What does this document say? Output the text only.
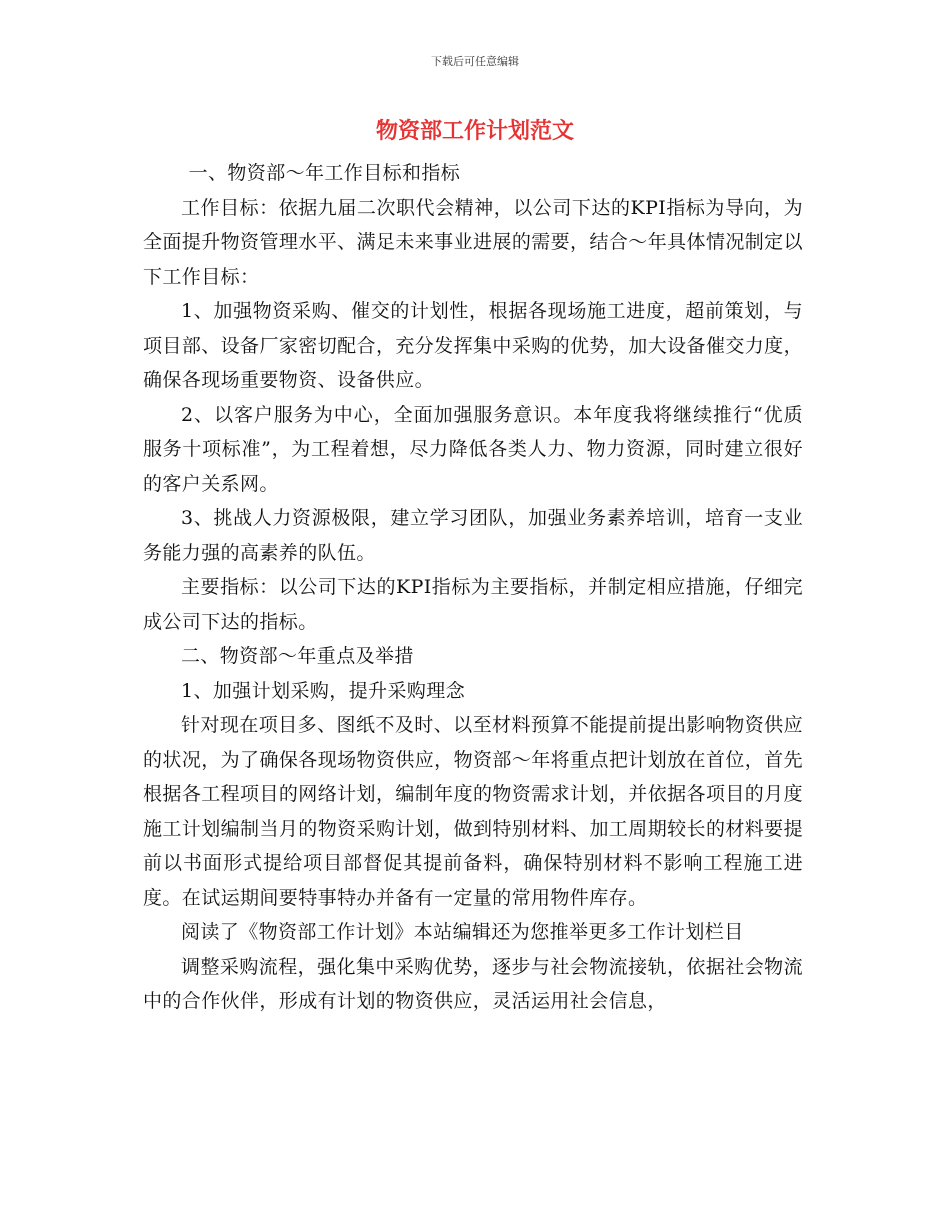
下载后可任意编辑
物资部工作计划范文

一、物资部～年工作目标和指标

工作目标：依据九届二次职代会精神，以公司下达的KPI指标为导向，为全面提升物资管理水平、满足未来事业进展的需要，结合～年具体情况制定以下工作目标：

1、加强物资采购、催交的计划性，根据各现场施工进度，超前策划，与项目部、设备厂家密切配合，充分发挥集中采购的优势，加大设备催交力度，确保各现场重要物资、设备供应。

2、以客户服务为中心，全面加强服务意识。本年度我将继续推行“优质服务十项标准”，为工程着想，尽力降低各类人力、物力资源，同时建立很好的客户关系网。

3、挑战人力资源极限，建立学习团队，加强业务素养培训，培育一支业务能力强的高素养的队伍。

主要指标：以公司下达的KPI指标为主要指标，并制定相应措施，仔细完成公司下达的指标。

二、物资部～年重点及举措

1、加强计划采购，提升采购理念

针对现在项目多、图纸不及时、以至材料预算不能提前提出影响物资供应的状况，为了确保各现场物资供应，物资部～年将重点把计划放在首位，首先根据各工程项目的网络计划，编制年度的物资需求计划，并依据各项目的月度施工计划编制当月的物资采购计划，做到特别材料、加工周期较长的材料要提前以书面形式提给项目部督促其提前备料，确保特别材料不影响工程施工进度。在试运期间要特事特办并备有一定量的常用物件库存。

阅读了《物资部工作计划》本站编辑还为您推举更多工作计划栏目

调整采购流程，强化集中采购优势，逐步与社会物流接轨，依据社会物流中的合作伙伴，形成有计划的物资供应，灵活运用社会信息，
